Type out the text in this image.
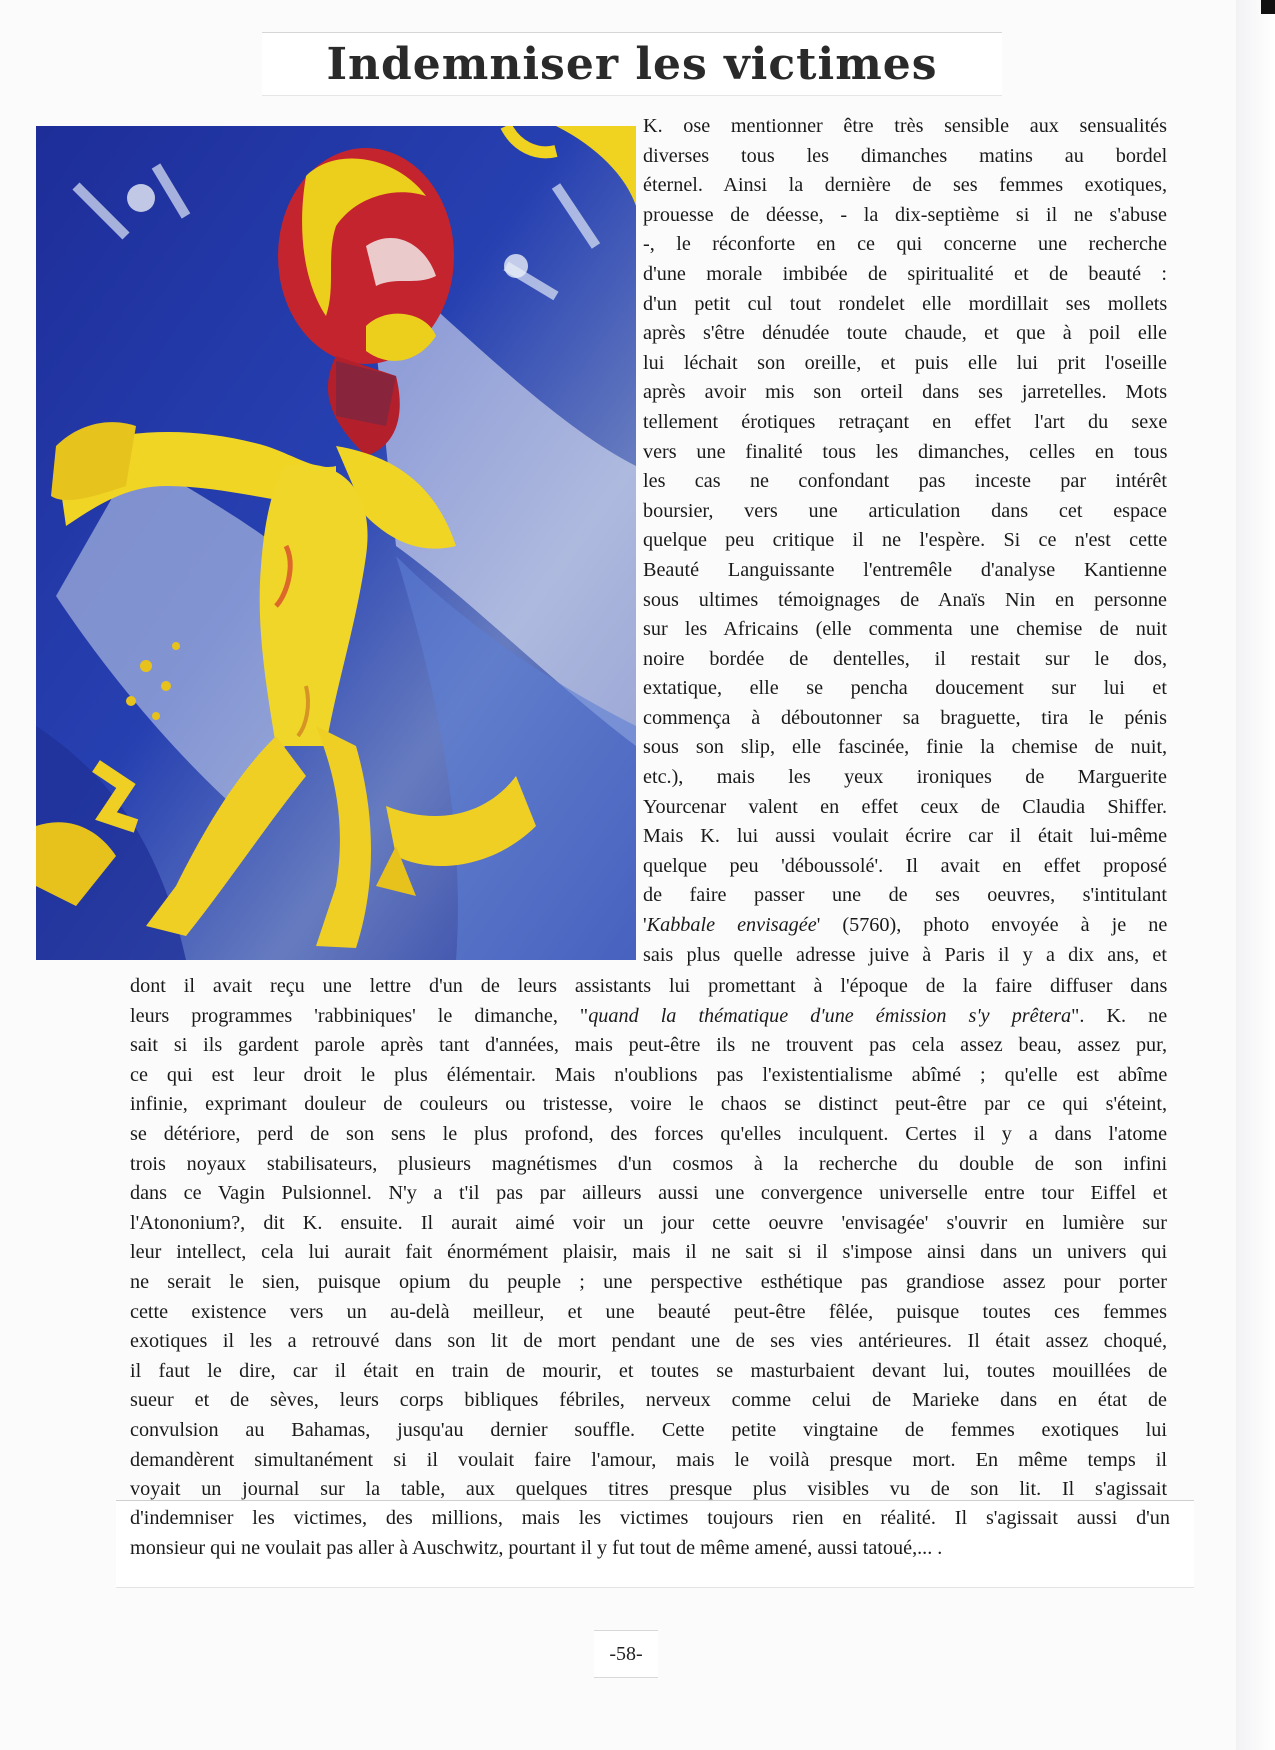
Indemniser les victimes
K. ose mentionner être très sensible aux sensualités
diverses tous les dimanches matins au bordel
éternel. Ainsi la dernière de ses femmes exotiques,
prouesse de déesse, - la dix-septième si il ne s'abuse
-, le réconforte en ce qui concerne une recherche
d'une morale imbibée de spiritualité et de beauté :
d'un petit cul tout rondelet elle mordillait ses mollets
après s'être dénudée toute chaude, et que à poil elle
lui léchait son oreille, et puis elle lui prit l'oseille
après avoir mis son orteil dans ses jarretelles. Mots
tellement érotiques retraçant en effet l'art du sexe
vers une finalité tous les dimanches, celles en tous
les cas ne confondant pas inceste par intérêt
boursier, vers une articulation dans cet espace
quelque peu critique il ne l'espère. Si ce n'est cette
Beauté Languissante l'entremêle d'analyse Kantienne
sous ultimes témoignages de Anaïs Nin en personne
sur les Africains (elle commenta une chemise de nuit
noire bordée de dentelles, il restait sur le dos,
extatique, elle se pencha doucement sur lui et
commença à déboutonner sa braguette, tira le pénis
sous son slip, elle fascinée, finie la chemise de nuit,
etc.), mais les yeux ironiques de Marguerite
Yourcenar valent en effet ceux de Claudia Shiffer.
Mais K. lui aussi voulait écrire car il était lui-même
quelque peu 'déboussolé'. Il avait en effet proposé
de faire passer une de ses oeuvres, s'intitulant
'Kabbale envisagée' (5760), photo envoyée à je ne
sais plus quelle adresse juive à Paris il y a dix ans, et
dont il avait reçu une lettre d'un de leurs assistants lui promettant à l'époque de la faire diffuser dans
leurs programmes 'rabbiniques' le dimanche, "quand la thématique d'une émission s'y prêtera". K. ne
sait si ils gardent parole après tant d'années, mais peut-être ils ne trouvent pas cela assez beau, assez pur,
ce qui est leur droit le plus élémentair. Mais n'oublions pas l'existentialisme abîmé ; qu'elle est abîme
infinie, exprimant douleur de couleurs ou tristesse, voire le chaos se distinct peut-être par ce qui s'éteint,
se détériore, perd de son sens le plus profond, des forces qu'elles inculquent. Certes il y a dans l'atome
trois noyaux stabilisateurs, plusieurs magnétismes d'un cosmos à la recherche du double de son infini
dans ce Vagin Pulsionnel. N'y a t'il pas par ailleurs aussi une convergence universelle entre tour Eiffel et
l'Atononium?, dit K. ensuite. Il aurait aimé voir un jour cette oeuvre 'envisagée' s'ouvrir en lumière sur
leur intellect, cela lui aurait fait énormément plaisir, mais il ne sait si il s'impose ainsi dans un univers qui
ne serait le sien, puisque opium du peuple ; une perspective esthétique pas grandiose assez pour porter
cette existence vers un au-delà meilleur, et une beauté peut-être fêlée, puisque toutes ces femmes
exotiques il les a retrouvé dans son lit de mort pendant une de ses vies antérieures. Il était assez choqué,
il faut le dire, car il était en train de mourir, et toutes se masturbaient devant lui, toutes mouillées de
sueur et de sèves, leurs corps bibliques fébriles, nerveux comme celui de Marieke dans en état de
convulsion au Bahamas, jusqu'au dernier souffle. Cette petite vingtaine de femmes exotiques lui
demandèrent simultanément si il voulait faire l'amour, mais le voilà presque mort. En même temps il
voyait un journal sur la table, aux quelques titres presque plus visibles vu de son lit. Il s'agissait
d'indemniser les victimes, des millions, mais les victimes toujours rien en réalité. Il s'agissait aussi d'un
monsieur qui ne voulait pas aller à Auschwitz, pourtant il y fut tout de même amené, aussi tatoué,... .
-58-
